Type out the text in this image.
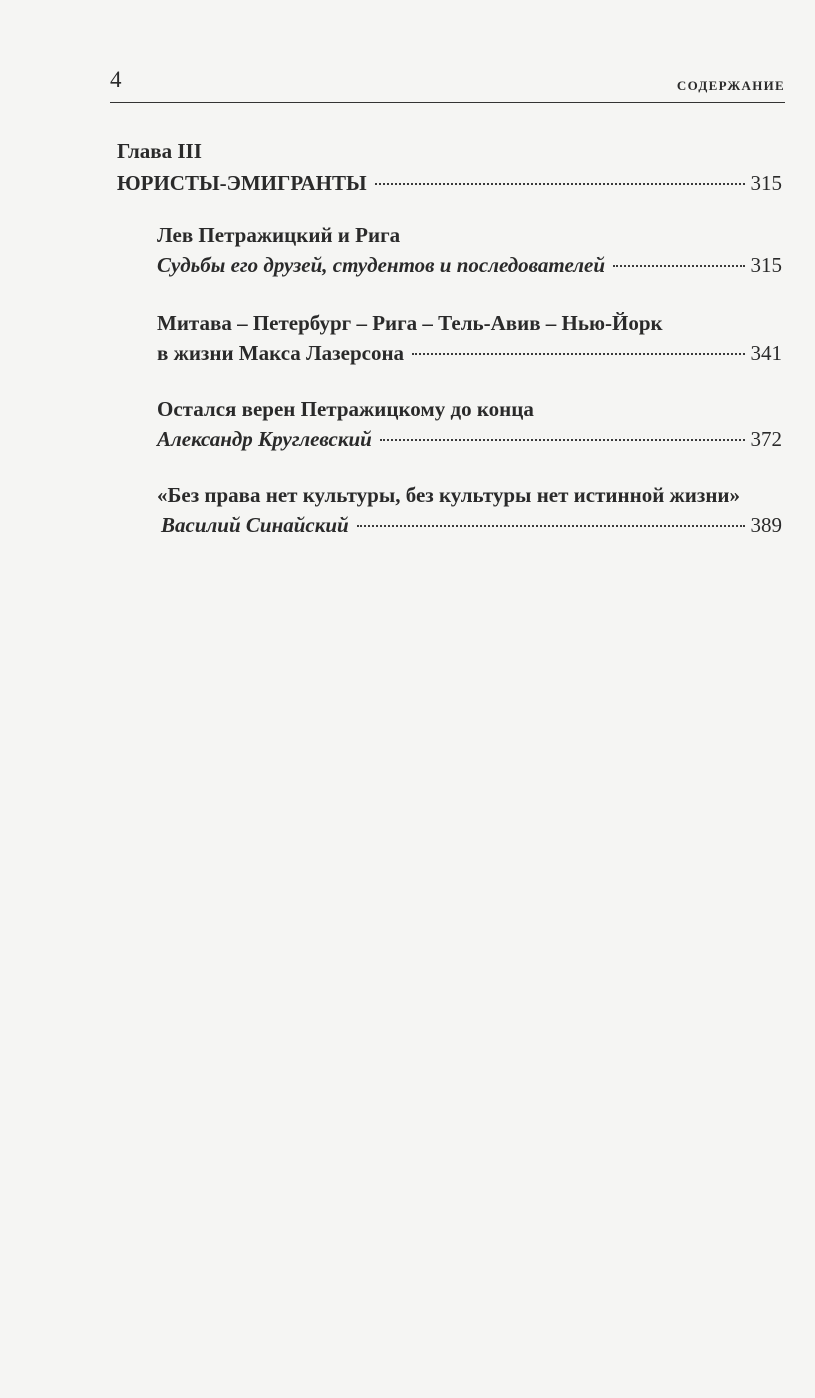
4	СОДЕРЖАНИЕ
Глава III
ЮРИСТЫ-ЭМИГРАНТЫ	315
Лев Петражицкий и Рига
Судьбы его друзей, студентов и последователей	315
Митава – Петербург – Рига – Тель-Авив – Нью-Йорк
в жизни Макса Лазерсона	341
Остался верен Петражицкому до конца
Александр Круглевский	372
«Без права нет культуры, без культуры нет истинной жизни»
Василий Синайский	389
